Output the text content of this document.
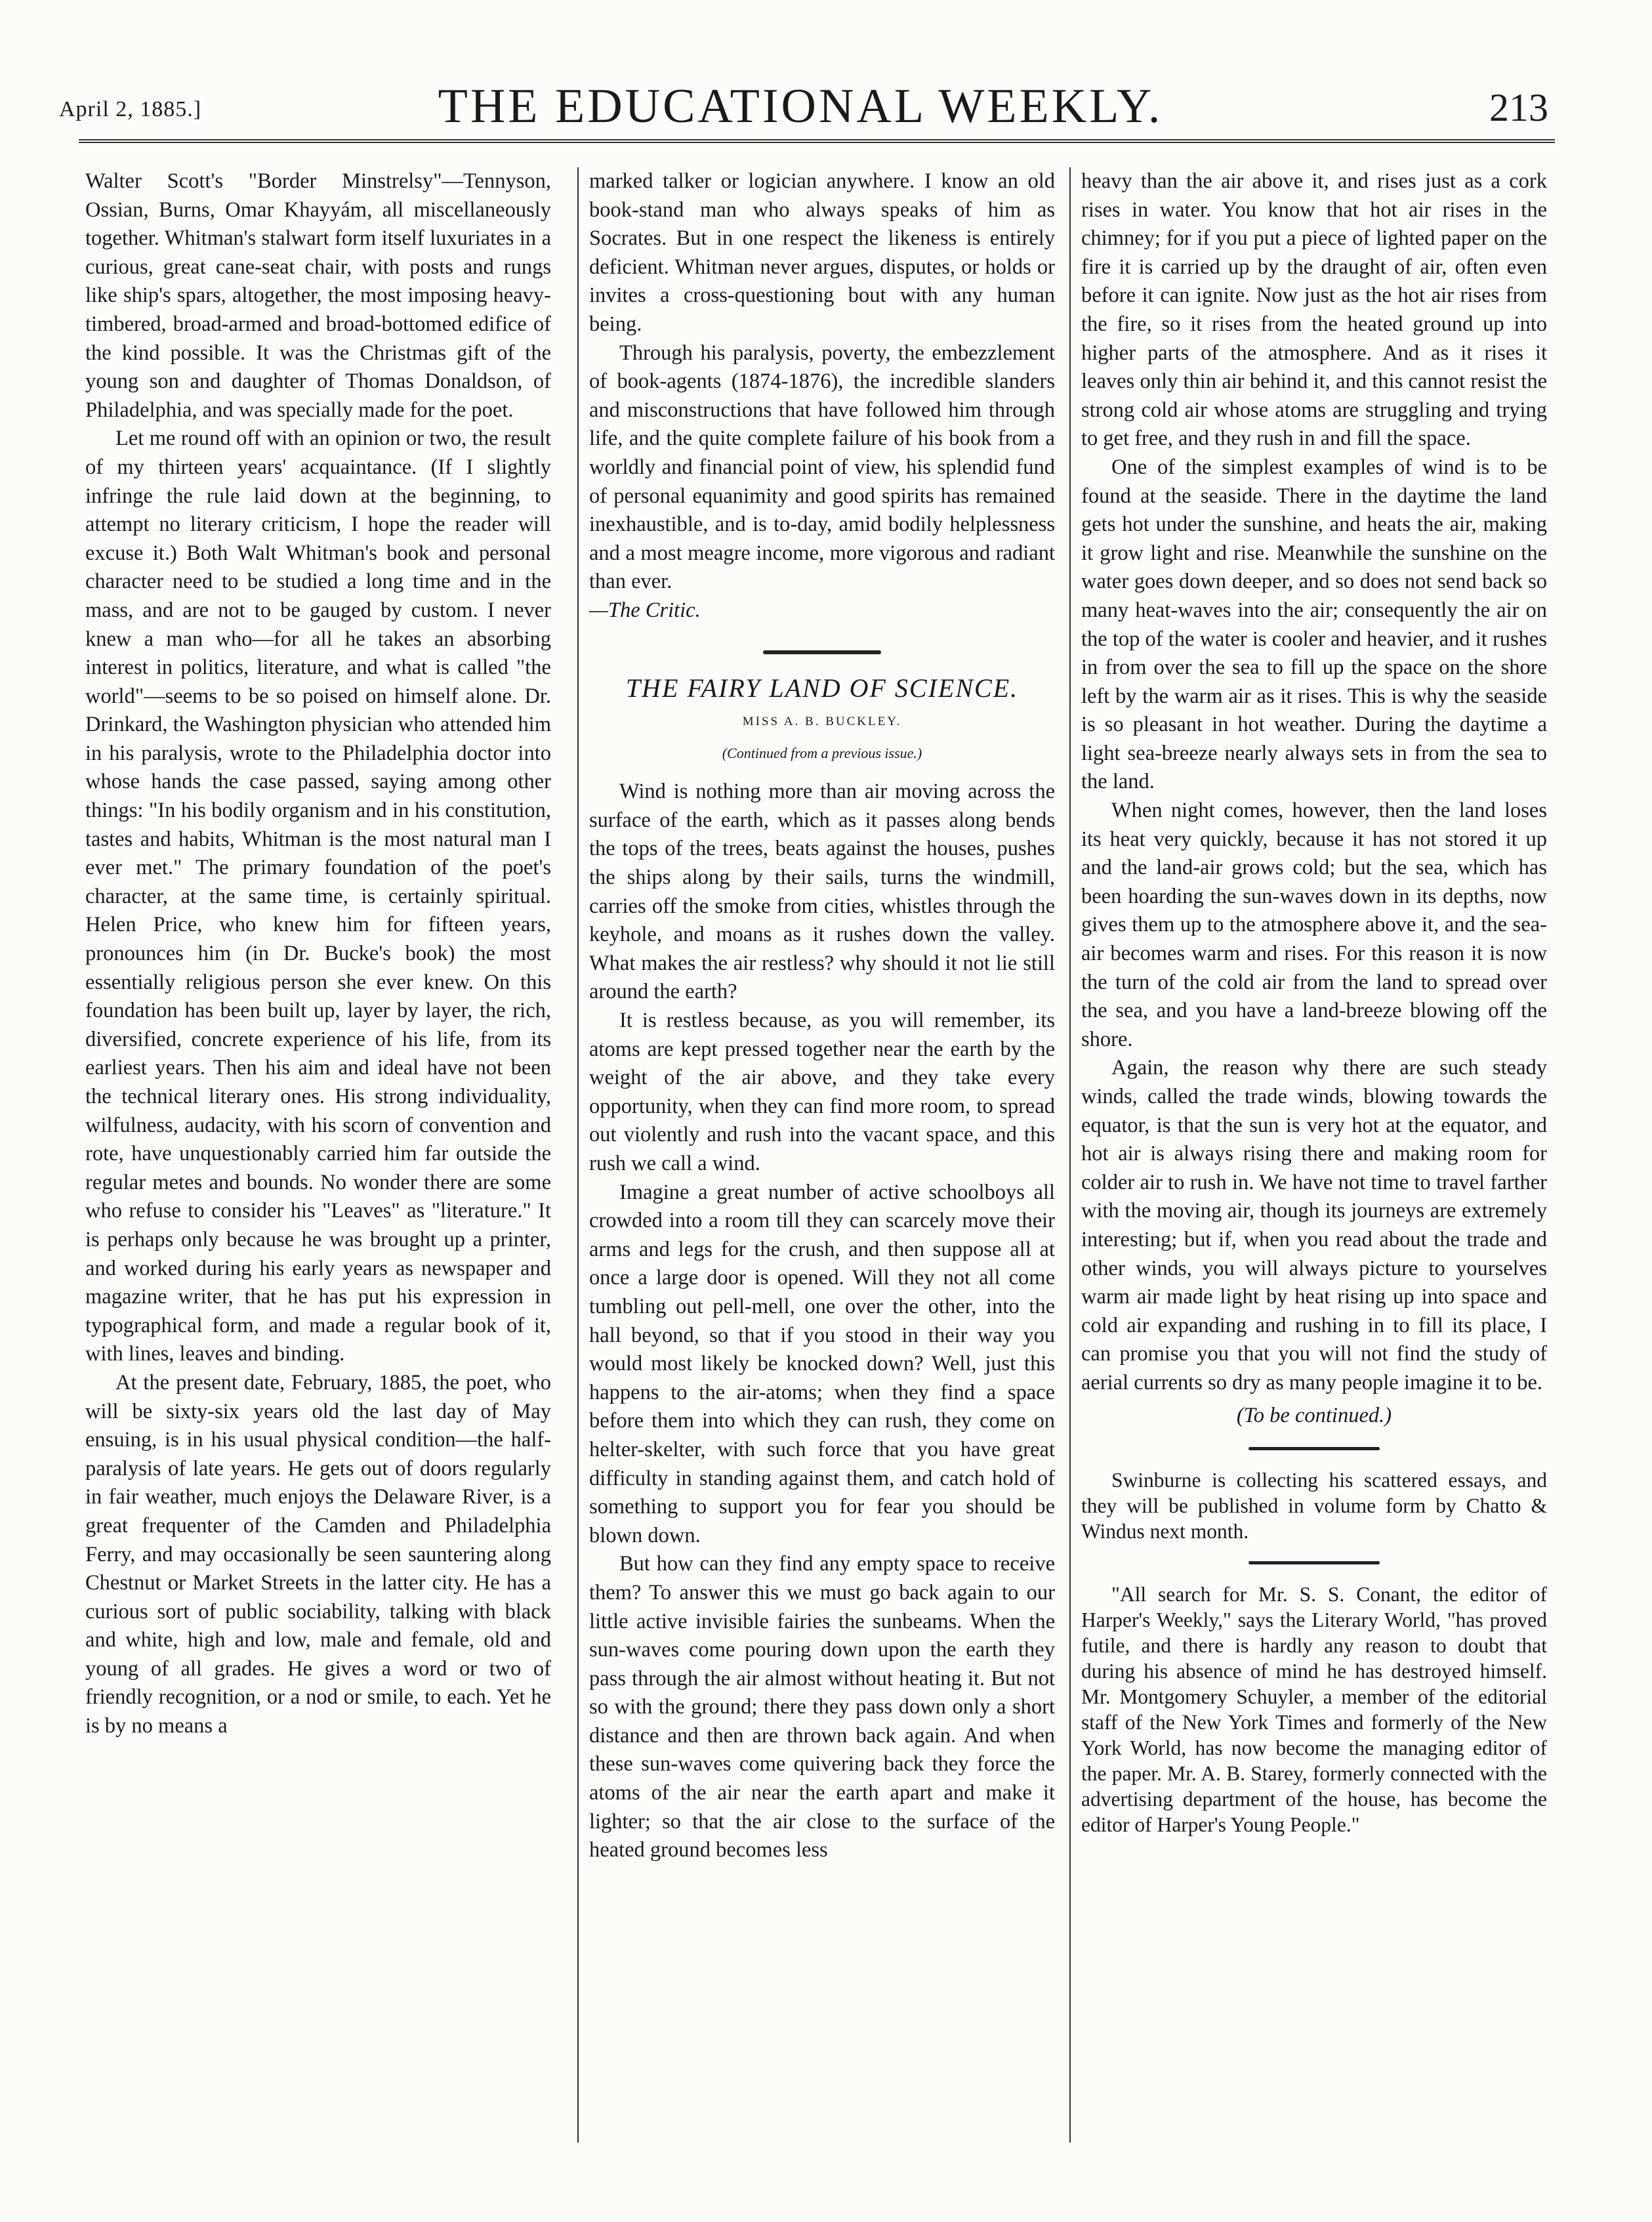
April 2, 1885.]	THE EDUCATIONAL WEEKLY.	213

Walter Scott's "Border Minstrelsy"—Tennyson, Ossian, Burns, Omar Khayyám, all miscellaneously together. Whitman's stalwart form itself luxuriates in a curious, great cane-seat chair, with posts and rungs like ship's spars, altogether, the most imposing heavy-timbered, broad-armed and broad-bottomed edifice of the kind possible. It was the Christmas gift of the young son and daughter of Thomas Donaldson, of Philadelphia, and was specially made for the poet.

Let me round off with an opinion or two, the result of my thirteen years' acquaintance. (If I slightly infringe the rule laid down at the beginning, to attempt no literary criticism, I hope the reader will excuse it.) Both Walt Whitman's book and personal character need to be studied a long time and in the mass, and are not to be gauged by custom. I never knew a man who—for all he takes an absorbing interest in politics, literature, and what is called "the world"—seems to be so poised on himself alone. Dr. Drinkard, the Washington physician who attended him in his paralysis, wrote to the Philadelphia doctor into whose hands the case passed, saying among other things: "In his bodily organism and in his constitution, tastes and habits, Whitman is the most natural man I ever met." The primary foundation of the poet's character, at the same time, is certainly spiritual. Helen Price, who knew him for fifteen years, pronounces him (in Dr. Bucke's book) the most essentially religious person she ever knew. On this foundation has been built up, layer by layer, the rich, diversified, concrete experience of his life, from its earliest years. Then his aim and ideal have not been the technical literary ones. His strong individuality, wilfulness, audacity, with his scorn of convention and rote, have unquestionably carried him far outside the regular metes and bounds. No wonder there are some who refuse to consider his "Leaves" as "literature." It is perhaps only because he was brought up a printer, and worked during his early years as newspaper and magazine writer, that he has put his expression in typographical form, and made a regular book of it, with lines, leaves and binding.

At the present date, February, 1885, the poet, who will be sixty-six years old the last day of May ensuing, is in his usual physical condition—the half-paralysis of late years. He gets out of doors regularly in fair weather, much enjoys the Delaware River, is a great frequenter of the Camden and Philadelphia Ferry, and may occasionally be seen sauntering along Chestnut or Market Streets in the latter city. He has a curious sort of public sociability, talking with black and white, high and low, male and female, old and young of all grades. He gives a word or two of friendly recognition, or a nod or smile, to each. Yet he is by no means a

marked talker or logician anywhere. I know an old book-stand man who always speaks of him as Socrates. But in one respect the likeness is entirely deficient. Whitman never argues, disputes, or holds or invites a cross-questioning bout with any human being.

Through his paralysis, poverty, the embezzlement of book-agents (1874-1876), the incredible slanders and misconstructions that have followed him through life, and the quite complete failure of his book from a worldly and financial point of view, his splendid fund of personal equanimity and good spirits has remained inexhaustible, and is to-day, amid bodily helplessness and a most meagre income, more vigorous and radiant than ever.

—The Critic.

THE FAIRY LAND OF SCIENCE.
MISS A. B. BUCKLEY.
(Continued from a previous issue.)

Wind is nothing more than air moving across the surface of the earth, which as it passes along bends the tops of the trees, beats against the houses, pushes the ships along by their sails, turns the windmill, carries off the smoke from cities, whistles through the keyhole, and moans as it rushes down the valley. What makes the air restless? why should it not lie still around the earth?

It is restless because, as you will remember, its atoms are kept pressed together near the earth by the weight of the air above, and they take every opportunity, when they can find more room, to spread out violently and rush into the vacant space, and this rush we call a wind.

Imagine a great number of active schoolboys all crowded into a room till they can scarcely move their arms and legs for the crush, and then suppose all at once a large door is opened. Will they not all come tumbling out pell-mell, one over the other, into the hall beyond, so that if you stood in their way you would most likely be knocked down? Well, just this happens to the air-atoms; when they find a space before them into which they can rush, they come on helter-skelter, with such force that you have great difficulty in standing against them, and catch hold of something to support you for fear you should be blown down.

But how can they find any empty space to receive them? To answer this we must go back again to our little active invisible fairies the sunbeams. When the sun-waves come pouring down upon the earth they pass through the air almost without heating it. But not so with the ground; there they pass down only a short distance and then are thrown back again. And when these sun-waves come quivering back they force the atoms of the air near the earth apart and make it lighter; so that the air close to the surface of the heated ground becomes less

heavy than the air above it, and rises just as a cork rises in water. You know that hot air rises in the chimney; for if you put a piece of lighted paper on the fire it is carried up by the draught of air, often even before it can ignite. Now just as the hot air rises from the fire, so it rises from the heated ground up into higher parts of the atmosphere. And as it rises it leaves only thin air behind it, and this cannot resist the strong cold air whose atoms are struggling and trying to get free, and they rush in and fill the space.

One of the simplest examples of wind is to be found at the seaside. There in the daytime the land gets hot under the sunshine, and heats the air, making it grow light and rise. Meanwhile the sunshine on the water goes down deeper, and so does not send back so many heat-waves into the air; consequently the air on the top of the water is cooler and heavier, and it rushes in from over the sea to fill up the space on the shore left by the warm air as it rises. This is why the seaside is so pleasant in hot weather. During the daytime a light sea-breeze nearly always sets in from the sea to the land.

When night comes, however, then the land loses its heat very quickly, because it has not stored it up and the land-air grows cold; but the sea, which has been hoarding the sun-waves down in its depths, now gives them up to the atmosphere above it, and the sea-air becomes warm and rises. For this reason it is now the turn of the cold air from the land to spread over the sea, and you have a land-breeze blowing off the shore.

Again, the reason why there are such steady winds, called the trade winds, blowing towards the equator, is that the sun is very hot at the equator, and hot air is always rising there and making room for colder air to rush in. We have not time to travel farther with the moving air, though its journeys are extremely interesting; but if, when you read about the trade and other winds, you will always picture to yourselves warm air made light by heat rising up into space and cold air expanding and rushing in to fill its place, I can promise you that you will not find the study of aerial currents so dry as many people imagine it to be.

(To be continued.)

Swinburne is collecting his scattered essays, and they will be published in volume form by Chatto & Windus next month.

"All search for Mr. S. S. Conant, the editor of Harper's Weekly," says the Literary World, "has proved futile, and there is hardly any reason to doubt that during his absence of mind he has destroyed himself. Mr. Montgomery Schuyler, a member of the editorial staff of the New York Times and formerly of the New York World, has now become the managing editor of the paper. Mr. A. B. Starey, formerly connected with the advertising department of the house, has become the editor of Harper's Young People."
